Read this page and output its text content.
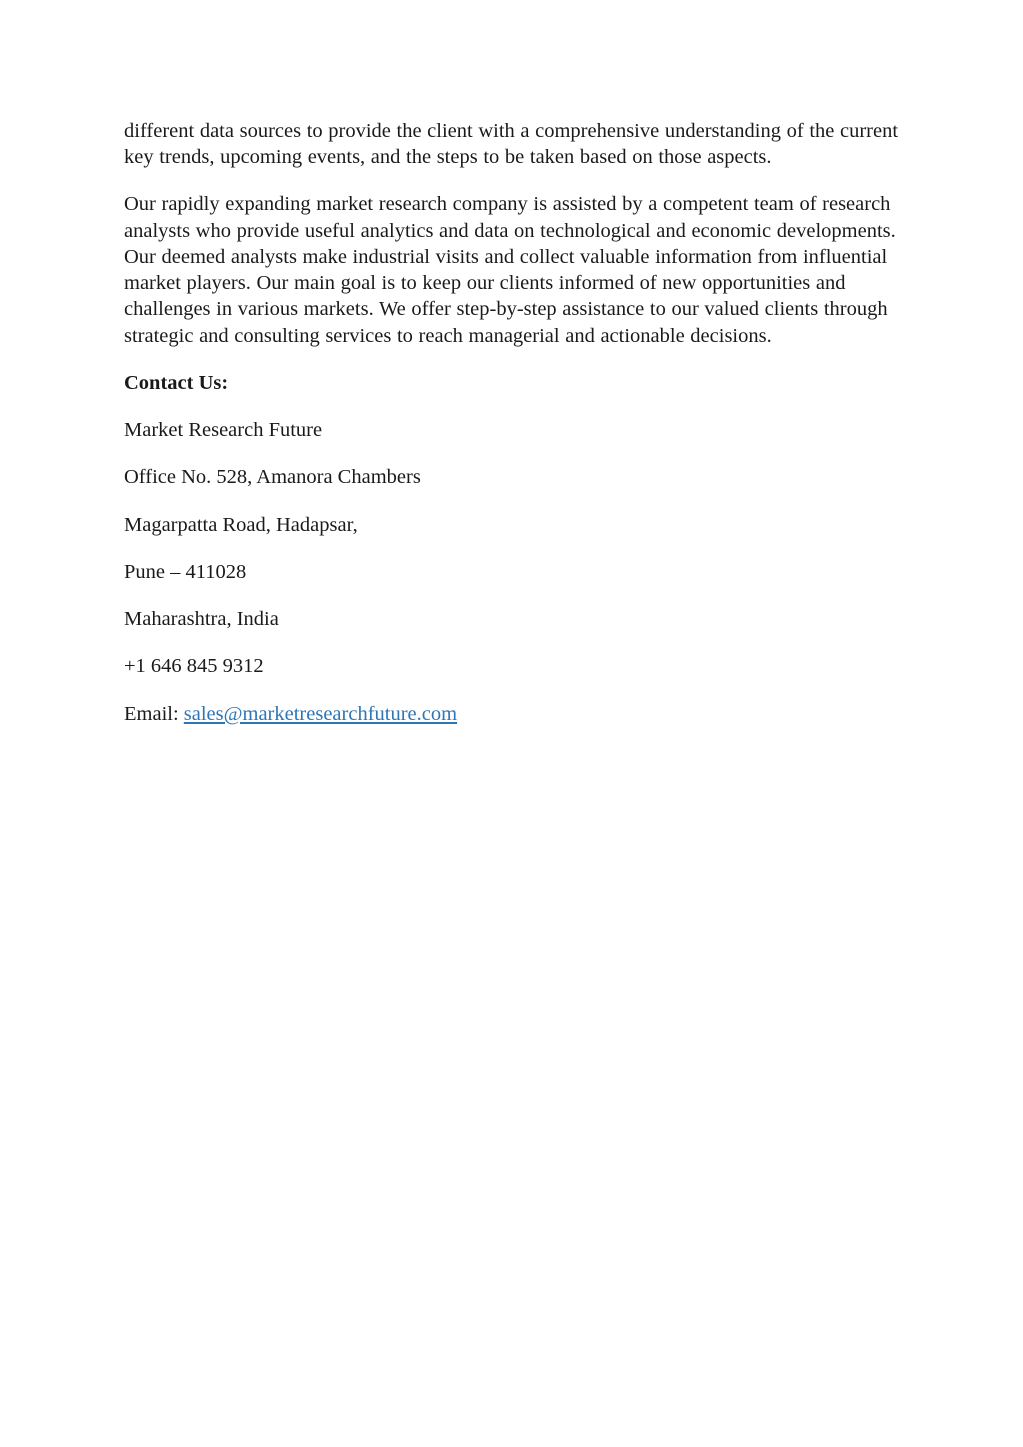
different data sources to provide the client with a comprehensive understanding of the current key trends, upcoming events, and the steps to be taken based on those aspects.

Our rapidly expanding market research company is assisted by a competent team of research analysts who provide useful analytics and data on technological and economic developments. Our deemed analysts make industrial visits and collect valuable information from influential market players. Our main goal is to keep our clients informed of new opportunities and challenges in various markets. We offer step-by-step assistance to our valued clients through strategic and consulting services to reach managerial and actionable decisions.

Contact Us:

Market Research Future

Office No. 528, Amanora Chambers

Magarpatta Road, Hadapsar,

Pune – 411028

Maharashtra, India

+1 646 845 9312

Email: sales@marketresearchfuture.com
